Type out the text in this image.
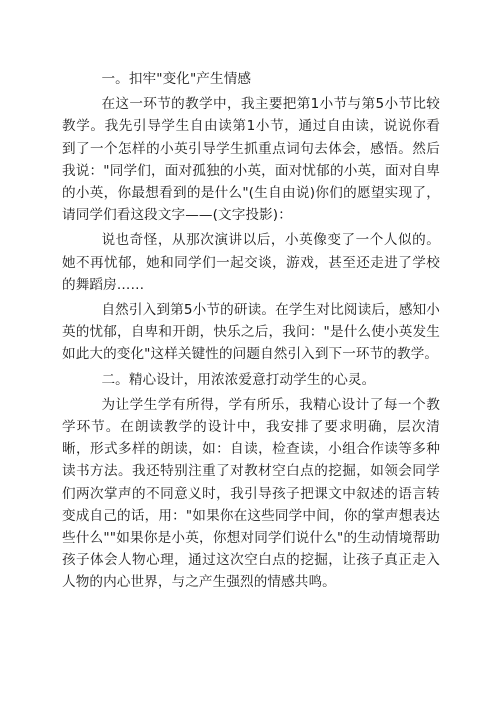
一。扣牢"变化"产生情感

在这一环节的教学中，我主要把第1小节与第5小节比较教学。我先引导学生自由读第1小节，通过自由读，说说你看到了一个怎样的小英引导学生抓重点词句去体会，感悟。然后我说："同学们，面对孤独的小英，面对忧郁的小英，面对自卑的小英，你最想看到的是什么"(生自由说)你们的愿望实现了，请同学们看这段文字——(文字投影)：

说也奇怪，从那次演讲以后，小英像变了一个人似的。她不再忧郁，她和同学们一起交谈，游戏，甚至还走进了学校的舞蹈房……

自然引入到第5小节的研读。在学生对比阅读后，感知小英的忧郁，自卑和开朗，快乐之后，我问："是什么使小英发生如此大的变化"这样关键性的问题自然引入到下一环节的教学。

二。精心设计，用浓浓爱意打动学生的心灵。

为让学生学有所得，学有所乐，我精心设计了每一个教学环节。在朗读教学的设计中，我安排了要求明确，层次清晰，形式多样的朗读，如：自读，检查读，小组合作读等多种读书方法。我还特别注重了对教材空白点的挖掘，如领会同学们两次掌声的不同意义时，我引导孩子把课文中叙述的语言转变成自己的话，用："如果你在这些同学中间，你的掌声想表达些什么""如果你是小英，你想对同学们说什么"的生动情境帮助孩子体会人物心理，通过这次空白点的挖掘，让孩子真正走入人物的内心世界，与之产生强烈的情感共鸣。
